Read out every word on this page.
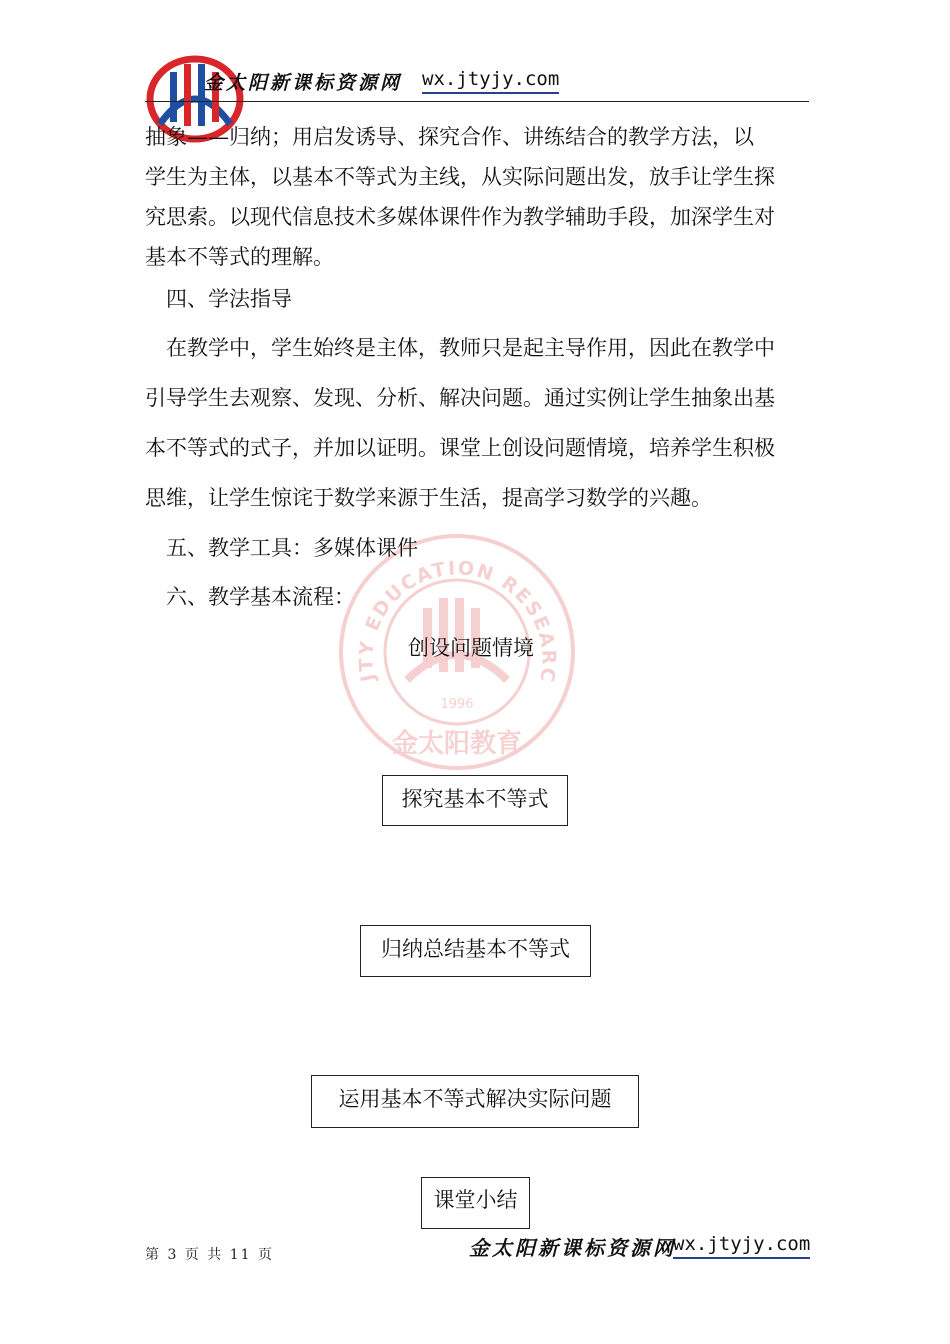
金太阳新课标资源网 wx.jtyjy.com
JTY EDUCATION RESEARC
1996
金太阳教育
抽象——归纳；用启发诱导、探究合作、讲练结合的教学方法，以
学生为主体，以基本不等式为主线，从实际问题出发，放手让学生探
究思索。以现代信息技术多媒体课件作为教学辅助手段，加深学生对
基本不等式的理解。
四、学法指导
在教学中，学生始终是主体，教师只是起主导作用，因此在教学中
引导学生去观察、发现、分析、解决问题。通过实例让学生抽象出基
本不等式的式子，并加以证明。课堂上创设问题情境，培养学生积极
思维，让学生惊诧于数学来源于生活，提高学习数学的兴趣。
五、教学工具：多媒体课件
六、教学基本流程：
创设问题情境
探究基本不等式
归纳总结基本不等式
运用基本不等式解决实际问题
课堂小结
第 3 页 共 11 页	金太阳新课标资源网
wx.jtyjy.com
